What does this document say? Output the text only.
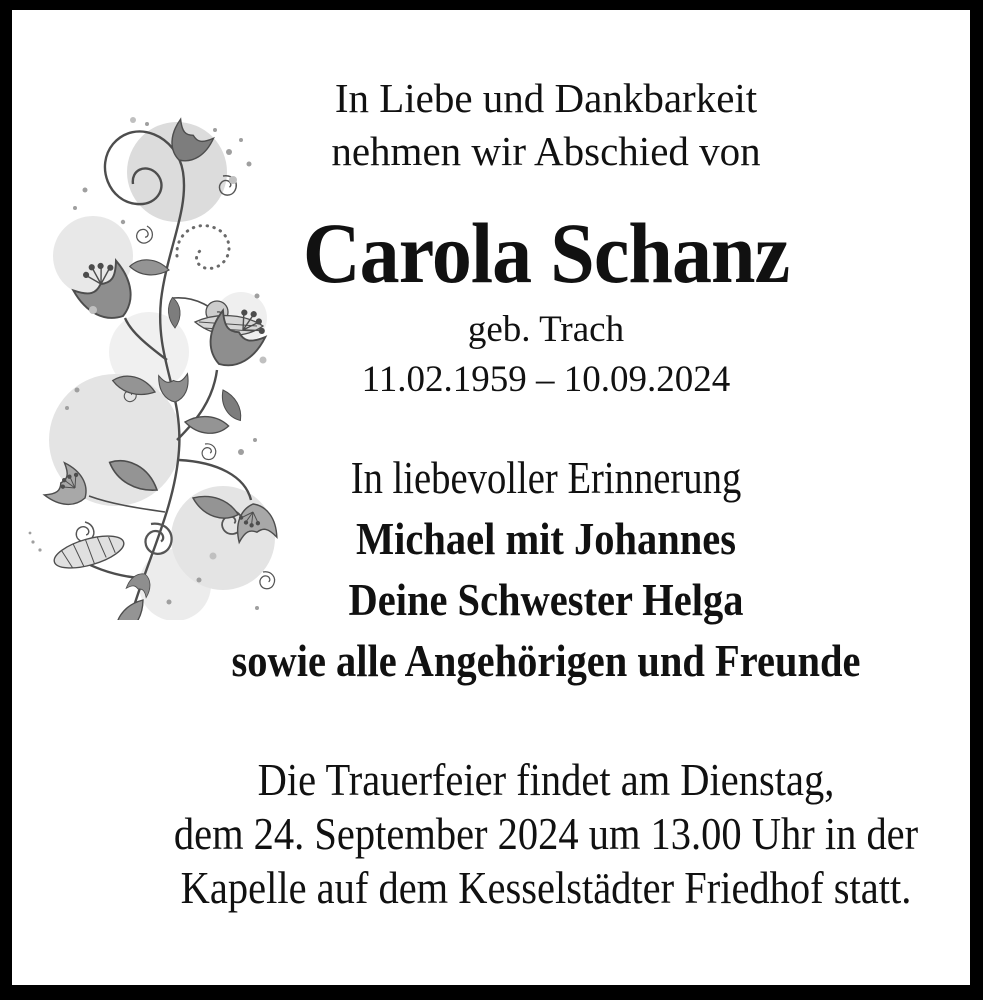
In Liebe und Dankbarkeit

nehmen wir Abschied von

Carola Schanz

geb. Trach

11.02.1959 – 10.09.2024

In liebevoller Erinnerung

Michael mit Johannes

Deine Schwester Helga

sowie alle Angehörigen und Freunde

Die Trauerfeier findet am Dienstag,

dem 24. September 2024 um 13.00 Uhr in der

Kapelle auf dem Kesselstädter Friedhof statt.
